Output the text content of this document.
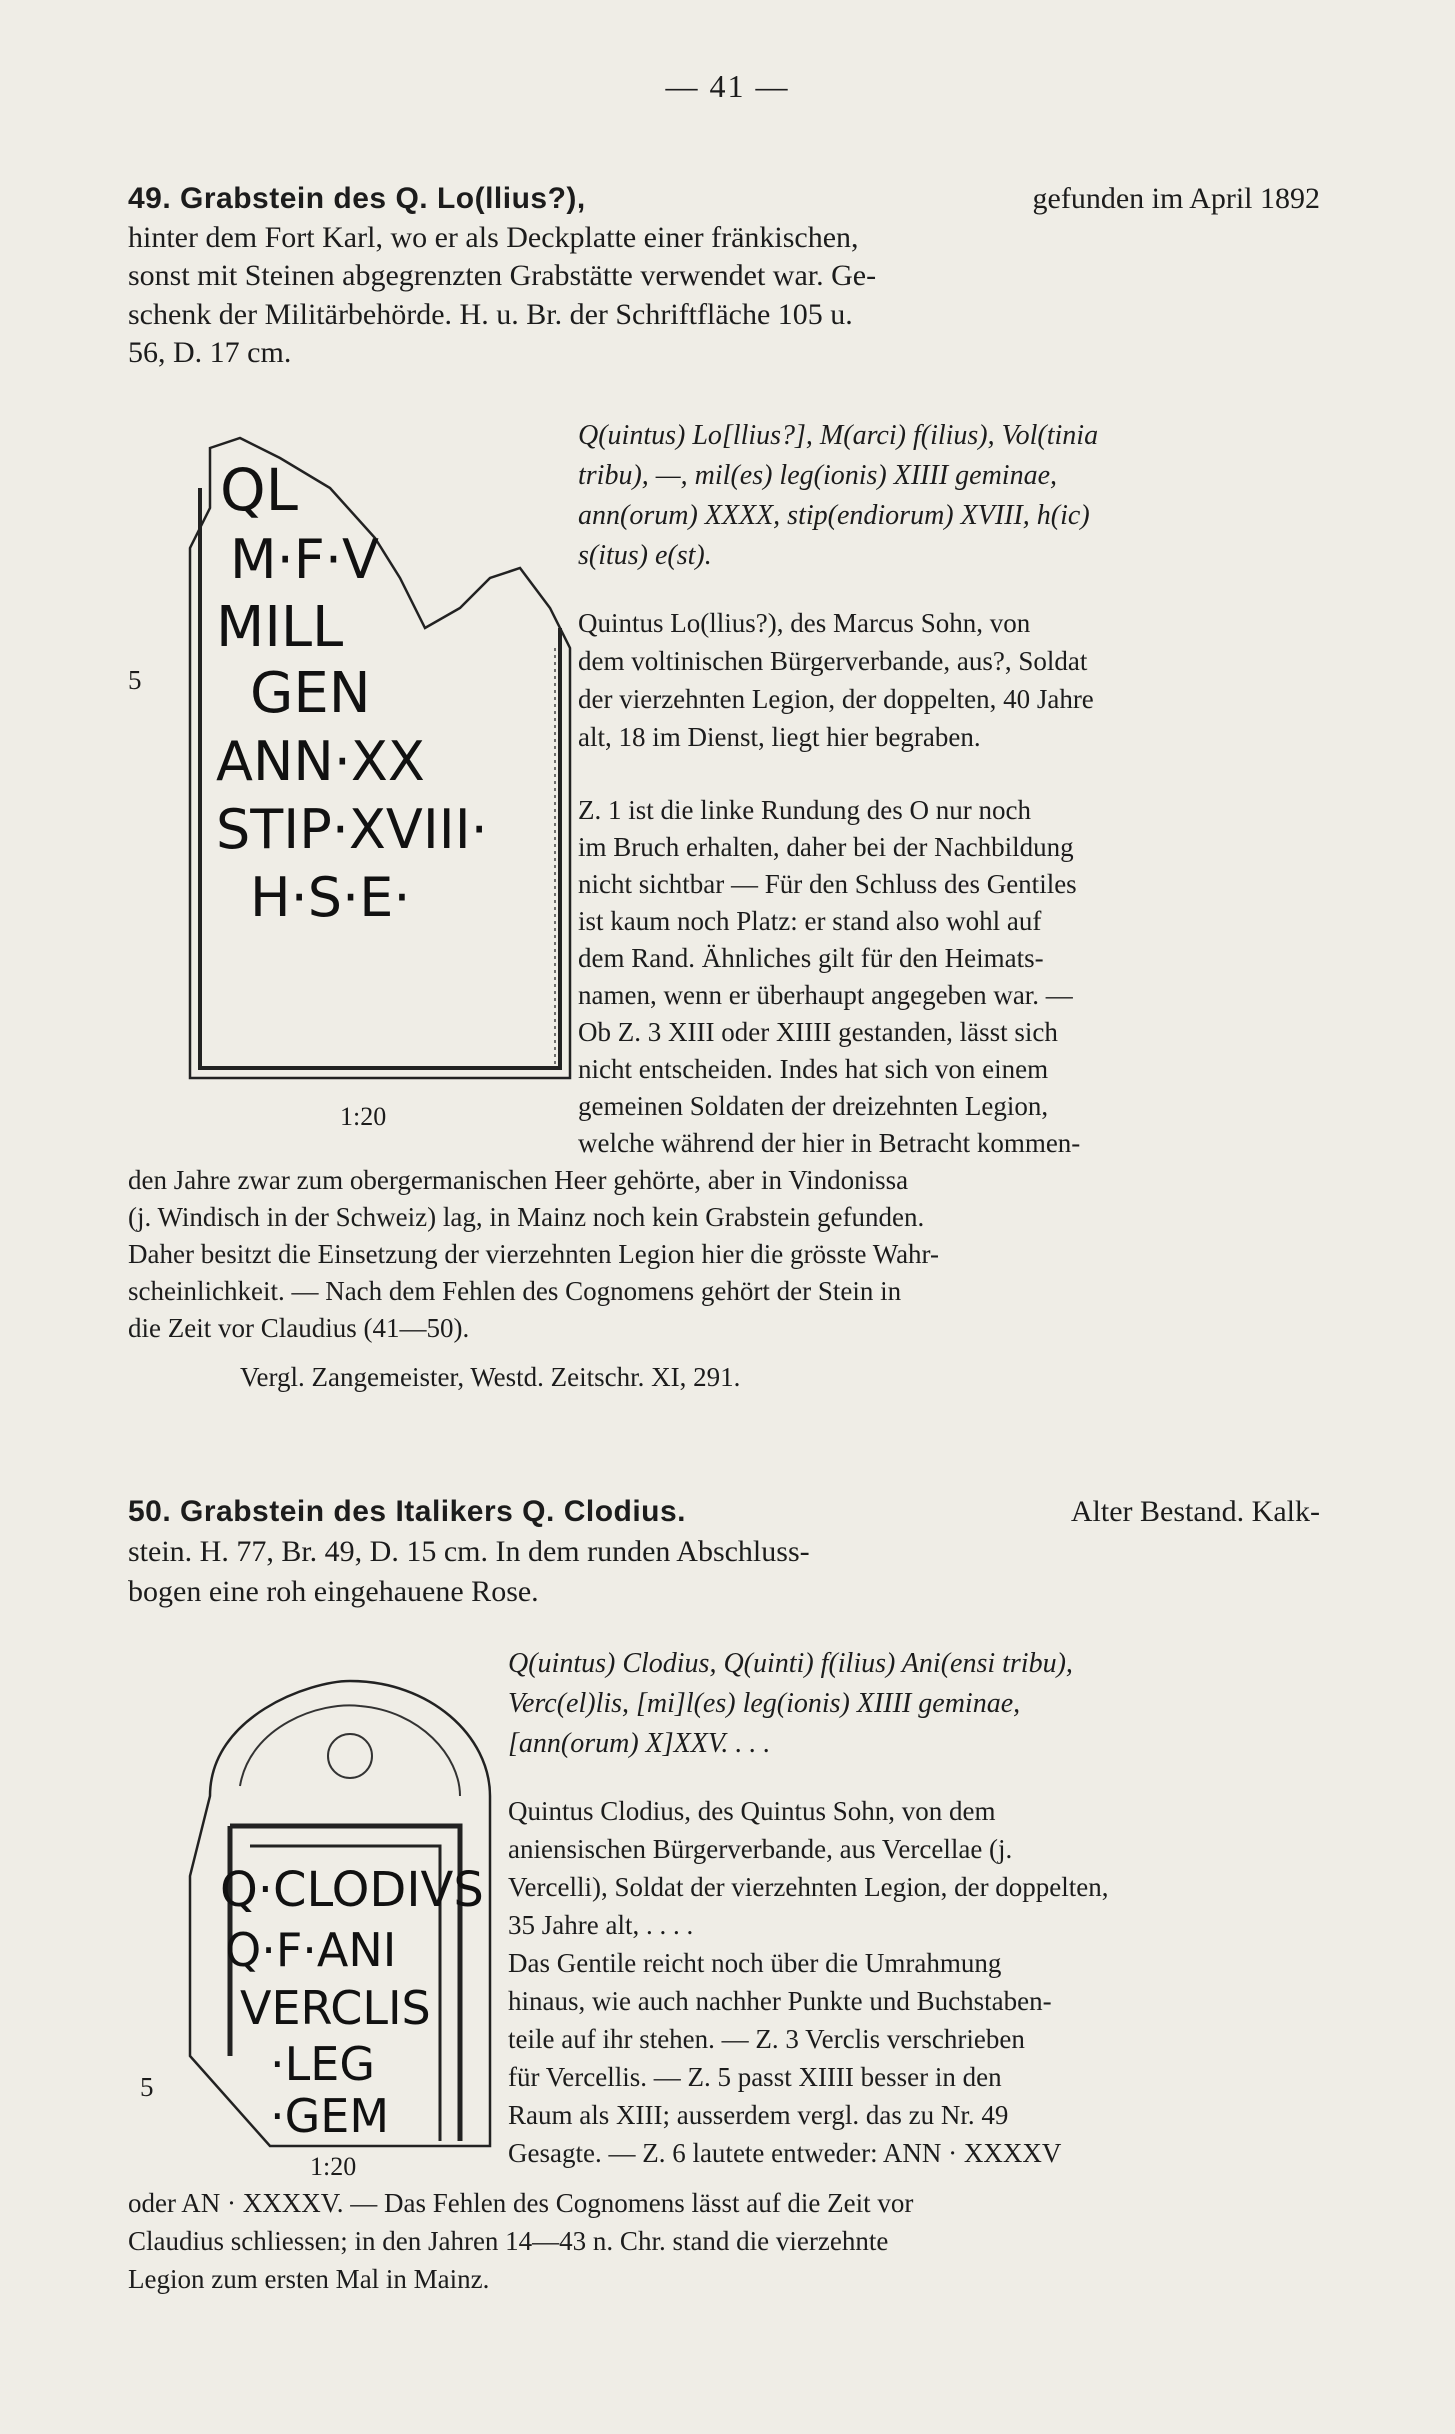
— 41 —
49. Grabstein des Q. Lo(llius?),	gefunden im April 1892
hinter dem Fort Karl, wo er als Deckplatte einer fränkischen,
sonst mit Steinen abgegrenzten Grabstätte verwendet war. Ge-
schenk der Militärbehörde. H. u. Br. der Schriftfläche 105 u.
56, D. 17 cm.
QL
M·F·V
MILL
GEN
ANN·XX
STIP·XVIII·
H·S·E·
5
1:20
Q(uintus) Lo[llius?], M(arci) f(ilius), Vol(tinia
tribu), —, mil(es) leg(ionis) XIIII geminae,
ann(orum) XXXX, stip(endiorum) XVIII, h(ic)
s(itus) e(st).
Quintus Lo(llius?), des Marcus Sohn, von
dem voltinischen Bürgerverbande, aus?, Soldat
der vierzehnten Legion, der doppelten, 40 Jahre
alt, 18 im Dienst, liegt hier begraben.
Z. 1 ist die linke Rundung des O nur noch
im Bruch erhalten, daher bei der Nachbildung
nicht sichtbar — Für den Schluss des Gentiles
ist kaum noch Platz: er stand also wohl auf
dem Rand. Ähnliches gilt für den Heimats-
namen, wenn er überhaupt angegeben war. —
Ob Z. 3 XIII oder XIIII gestanden, lässt sich
nicht entscheiden. Indes hat sich von einem
gemeinen Soldaten der dreizehnten Legion,
welche während der hier in Betracht kommen-
den Jahre zwar zum obergermanischen Heer gehörte, aber in Vindonissa
(j. Windisch in der Schweiz) lag, in Mainz noch kein Grabstein gefunden.
Daher besitzt die Einsetzung der vierzehnten Legion hier die grösste Wahr-
scheinlichkeit. — Nach dem Fehlen des Cognomens gehört der Stein in
die Zeit vor Claudius (41—50).
Vergl. Zangemeister, Westd. Zeitschr. XI, 291.
50. Grabstein des Italikers Q. Clodius.	Alter Bestand. Kalk-
stein. H. 77, Br. 49, D. 15 cm. In dem runden Abschluss-
bogen eine roh eingehauene Rose.
Q(uintus) Clodius, Q(uinti) f(ilius) Ani(ensi tribu),
Verc(el)lis, [mi]l(es) leg(ionis) XIIII geminae,
[ann(orum) X]XXV. . . .
Q·CLODIVS
Q·F·ANI
VERCLIS
·LEG
·GEM
5
1:20
Quintus Clodius, des Quintus Sohn, von dem
aniensischen Bürgerverbande, aus Vercellae (j.
Vercelli), Soldat der vierzehnten Legion, der doppelten,
35 Jahre alt, . . . .
Das Gentile reicht noch über die Umrahmung
hinaus, wie auch nachher Punkte und Buchstaben-
teile auf ihr stehen. — Z. 3 Verclis verschrieben
für Vercellis. — Z. 5 passt XIIII besser in den
Raum als XIII; ausserdem vergl. das zu Nr. 49
Gesagte. — Z. 6 lautete entweder: ANN · XXXXV
oder AN · XXXXV. — Das Fehlen des Cognomens lässt auf die Zeit vor
Claudius schliessen; in den Jahren 14—43 n. Chr. stand die vierzehnte
Legion zum ersten Mal in Mainz.
